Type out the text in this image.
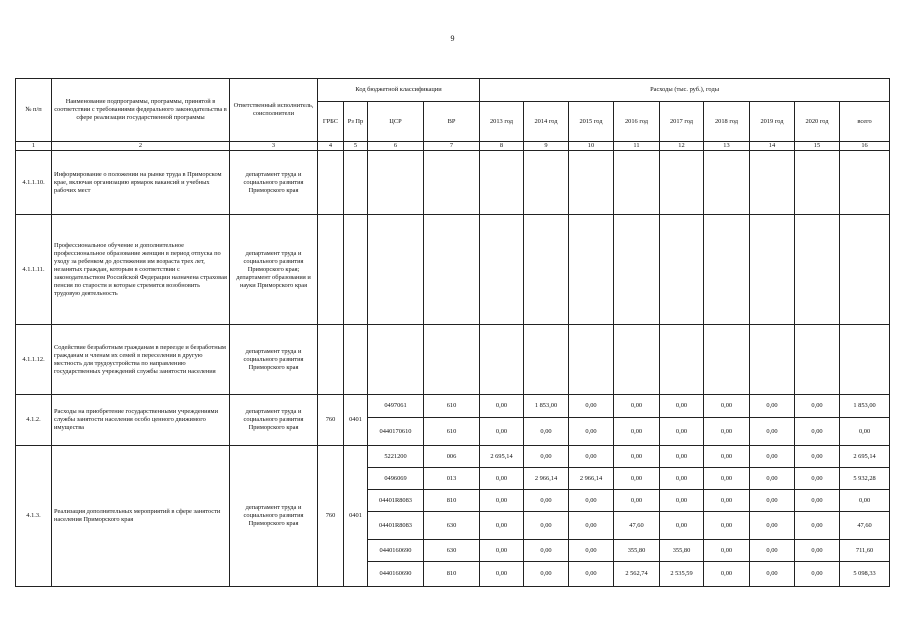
9
№ п/п	Наименование подпрограммы, программы, принятой в соответствии с требованиями федерального законодательства в сфере реализации государственной программы	Ответственный исполнитель, соисполнители	Код бюджетной классификации				Расходы (тыс. руб.), годы								
			ГРБС	Рз Пр	ЦСР	ВР	2013 год	2014 год	2015 год	2016 год	2017 год	2018 год	2019 год	2020 год	всего
1	2	3	4	5	6	7	8	9	10	11	12	13	14	15	16
4.1.1.10.	Информирование о положении на рынке труда в Приморском крае, включая организацию ярмарок вакансий и учебных рабочих мест	департамент труда и социального развития Приморского края													
4.1.1.11.	Профессиональное обучение и дополнительное профессиональное образование женщин в период отпуска по уходу за ребенком до достижения им возраста трех лет, незанятых граждан, которым в соответствии с законодательством Российской Федерации назначена страховая пенсия по старости и которые стремятся возобновить трудовую деятельность	департамент труда и социального развития Приморского края; департамент образования и науки Приморского края													
4.1.1.12.	Содействие безработным гражданам в переезде и безработным гражданам и членам их семей в переселении в другую местность для трудоустройства по направлению государственных учреждений службы занятости населения	департамент труда и социального развития Приморского края													
4.1.2.	Расходы на приобретение государственными учреждениями службы занятости населения особо ценного движимого имущества	департамент труда и социального развития Приморского края	760	0401	0497061	610	0,00	1 853,00	0,00	0,00	0,00	0,00	0,00	0,00	1 853,00
					0440170610	610	0,00	0,00	0,00	0,00	0,00	0,00	0,00	0,00	0,00
4.1.3.	Реализация дополнительных мероприятий в сфере занятости населения Приморского края	департамент труда и социального развития Приморского края	760	0401	5221200	006	2 695,14	0,00	0,00	0,00	0,00	0,00	0,00	0,00	2 695,14
					0496069	013	0,00	2 966,14	2 966,14	0,00	0,00	0,00	0,00	0,00	5 932,28
					04401R8083	810	0,00	0,00	0,00	0,00	0,00	0,00	0,00	0,00	0,00
					04401R8083	630	0,00	0,00	0,00	47,60	0,00	0,00	0,00	0,00	47,60
					0440160690	630	0,00	0,00	0,00	355,80	355,80	0,00	0,00	0,00	711,60
					0440160690	810	0,00	0,00	0,00	2 562,74	2 535,59	0,00	0,00	0,00	5 098,33
